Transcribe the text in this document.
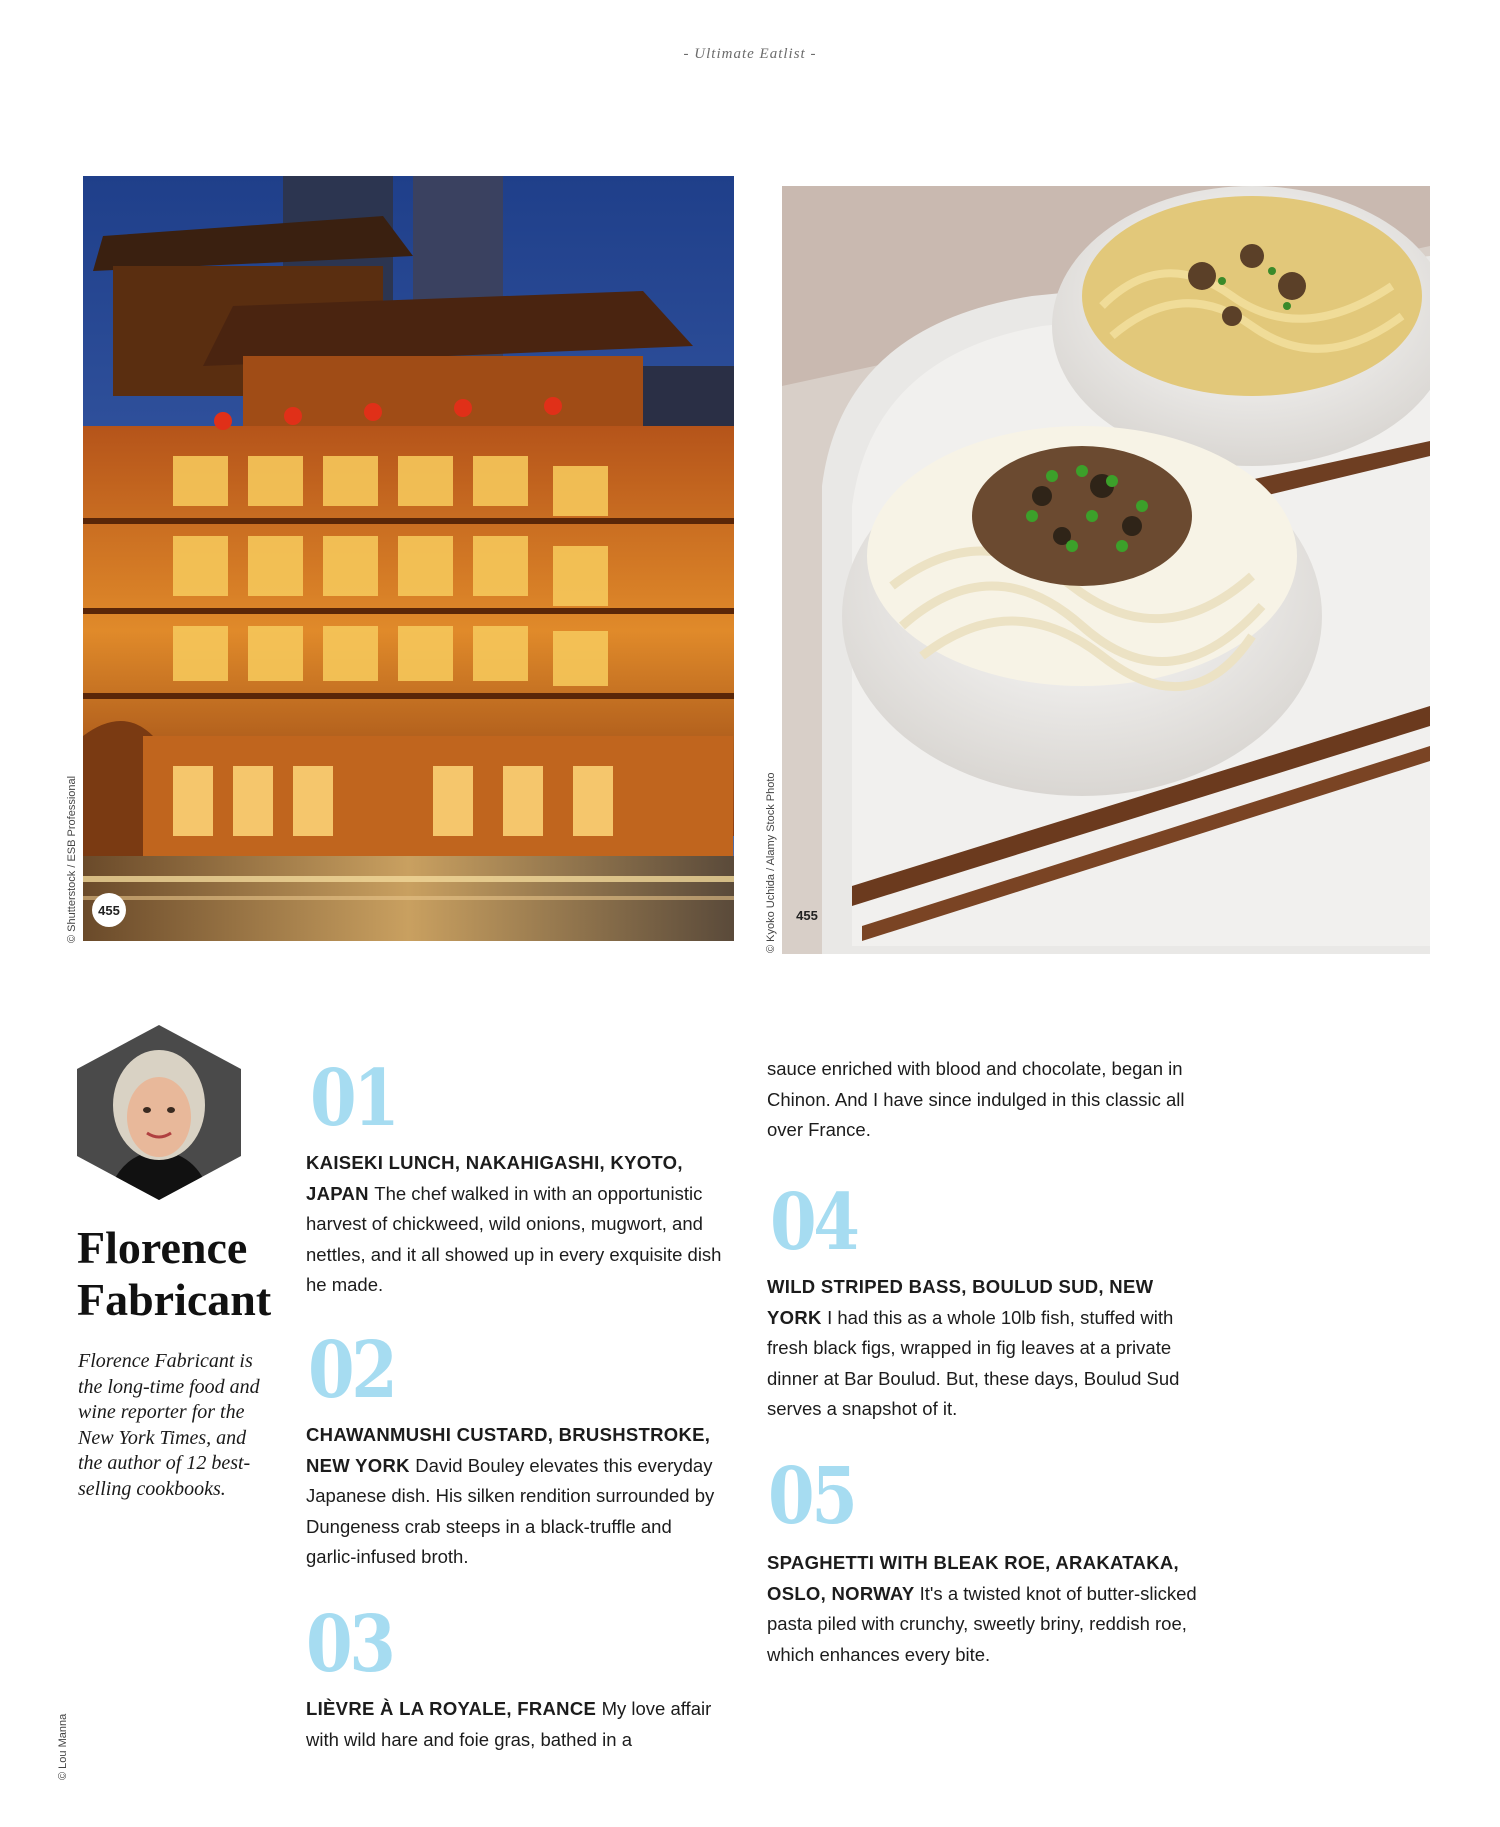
- Ultimate Eatlist -
455
© Shutterstock / ESB Professional	455
© Kyoko Uchida / Alamy Stock Photo
© Lou Manna
Florence
Fabricant
Florence Fabricant is the long-time food and wine reporter for the New York Times, and the author of 12 best-selling cookbooks.
01
KAISEKI LUNCH, NAKAHIGASHI, KYOTO, JAPAN The chef walked in with an opportunistic harvest of chickweed, wild onions, mugwort, and nettles, and it all showed up in every exquisite dish he made.
02
CHAWANMUSHI CUSTARD, BRUSHSTROKE, NEW YORK David Bouley elevates this everyday Japanese dish. His silken rendition surrounded by Dungeness crab steeps in a black-truffle and garlic-infused broth.
03
LIÈVRE À LA ROYALE, FRANCE My love affair with wild hare and foie gras, bathed in a
sauce enriched with blood and chocolate, began in Chinon. And I have since indulged in this classic all over France.
04
WILD STRIPED BASS, BOULUD SUD, NEW YORK I had this as a whole 10lb fish, stuffed with fresh black figs, wrapped in fig leaves at a private dinner at Bar Boulud. But, these days, Boulud Sud serves a snapshot of it.
05
SPAGHETTI WITH BLEAK ROE, ARAKATAKA, OSLO, NORWAY It's a twisted knot of butter-slicked pasta piled with crunchy, sweetly briny, reddish roe, which enhances every bite.
